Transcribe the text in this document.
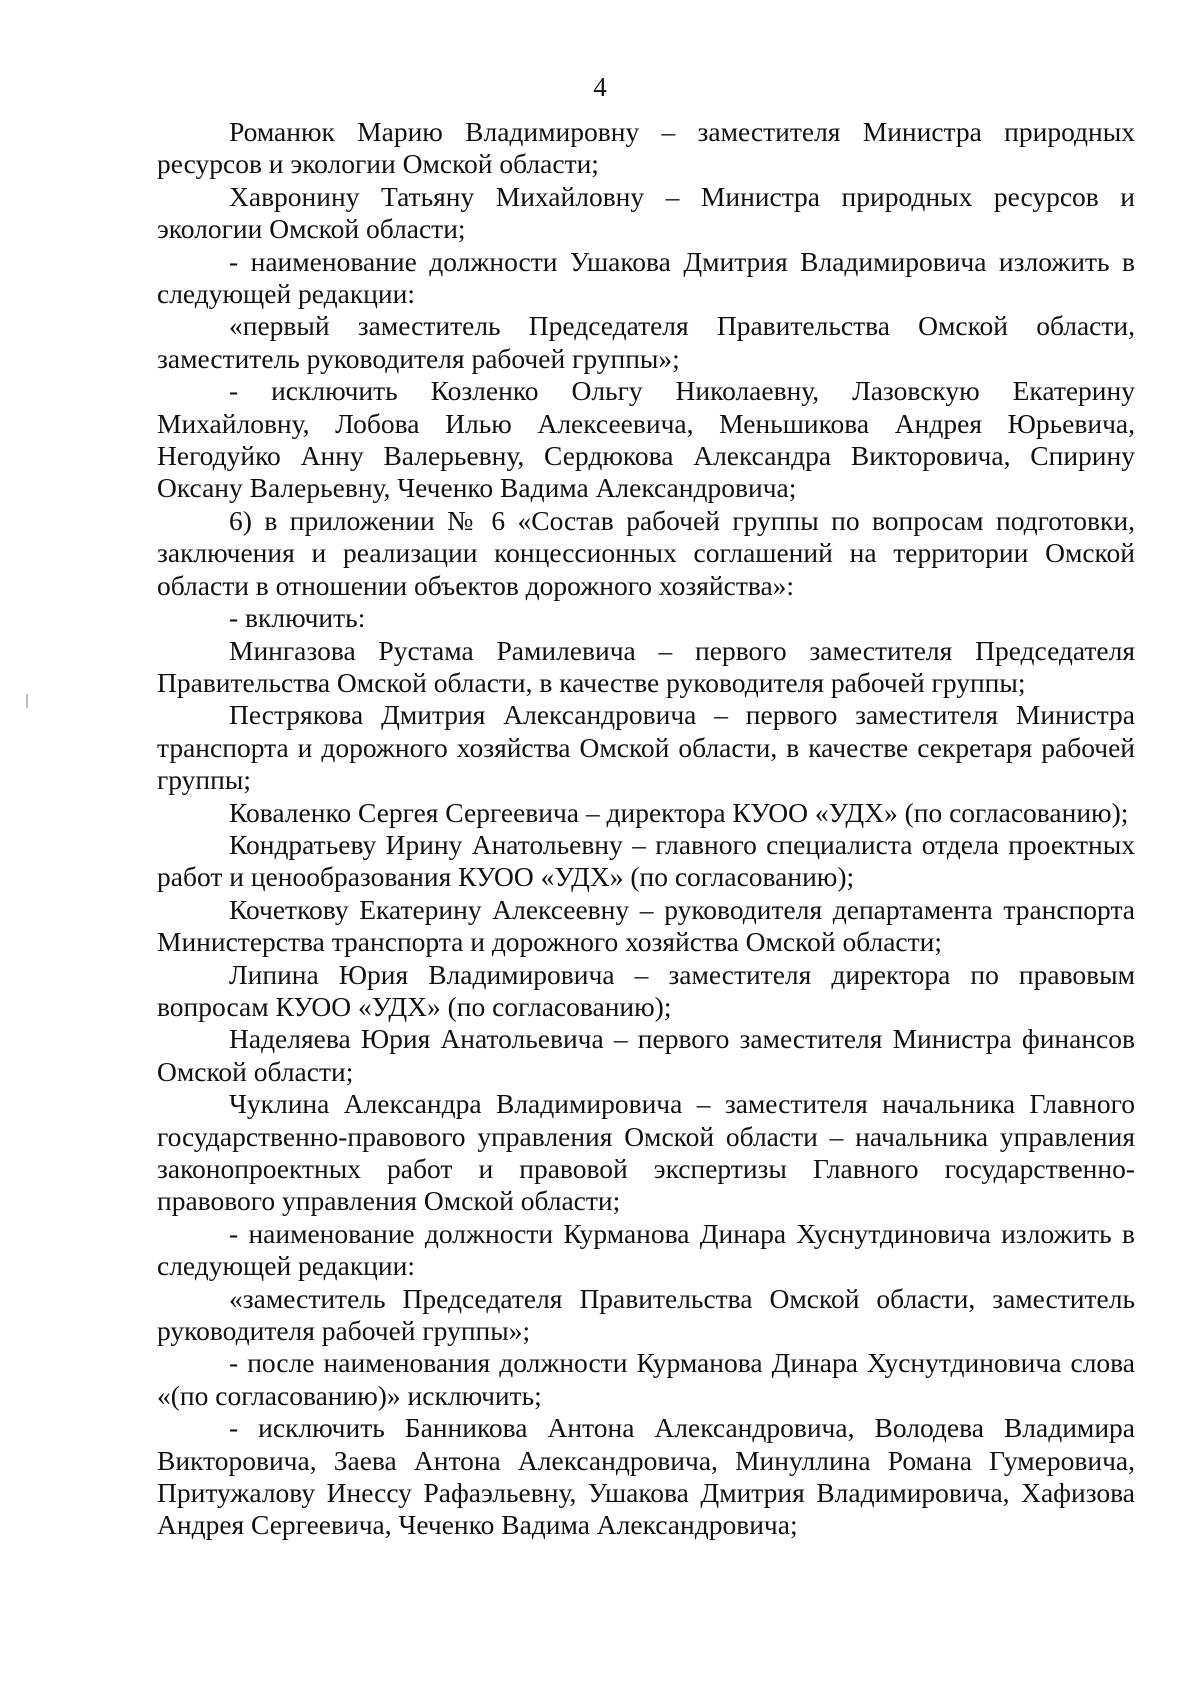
4

Романюк Марию Владимировну – заместителя Министра природных ресурсов и экологии Омской области;

Хавронину Татьяну Михайловну – Министра природных ресурсов и экологии Омской области;

- наименование должности Ушакова Дмитрия Владимировича изложить в следующей редакции:

«первый заместитель Председателя Правительства Омской области, заместитель руководителя рабочей группы»;

- исключить Козленко Ольгу Николаевну, Лазовскую Екатерину Михайловну, Лобова Илью Алексеевича, Меньшикова Андрея Юрьевича, Негодуйко Анну Валерьевну, Сердюкова Александра Викторовича, Спирину Оксану Валерьевну, Чеченко Вадима Александровича;

6) в приложении № 6 «Состав рабочей группы по вопросам подготовки, заключения и реализации концессионных соглашений на территории Омской области в отношении объектов дорожного хозяйства»:

- включить:

Мингазова Рустама Рамилевича – первого заместителя Председателя Правительства Омской области, в качестве руководителя рабочей группы;

Пестрякова Дмитрия Александровича – первого заместителя Министра транспорта и дорожного хозяйства Омской области, в качестве секретаря рабочей группы;

Коваленко Сергея Сергеевича – директора КУОО «УДХ» (по согласованию);

Кондратьеву Ирину Анатольевну – главного специалиста отдела проектных работ и ценообразования КУОО «УДХ» (по согласованию);

Кочеткову Екатерину Алексеевну – руководителя департамента транспорта Министерства транспорта и дорожного хозяйства Омской области;

Липина Юрия Владимировича – заместителя директора по правовым вопросам КУОО «УДХ» (по согласованию);

Наделяева Юрия Анатольевича – первого заместителя Министра финансов Омской области;

Чуклина Александра Владимировича – заместителя начальника Главного государственно-правового управления Омской области – начальника управления законопроектных работ и правовой экспертизы Главного государственно-правового управления Омской области;

- наименование должности Курманова Динара Хуснутдиновича изложить в следующей редакции:

«заместитель Председателя Правительства Омской области, заместитель руководителя рабочей группы»;

- после наименования должности Курманова Динара Хуснутдиновича слова «(по согласованию)» исключить;

- исключить Банникова Антона Александровича, Володева Владимира Викторовича, Заева Антона Александровича, Минуллина Романа Гумеровича, Притужалову Инессу Рафаэльевну, Ушакова Дмитрия Владимировича, Хафизова Андрея Сергеевича, Чеченко Вадима Александровича;
